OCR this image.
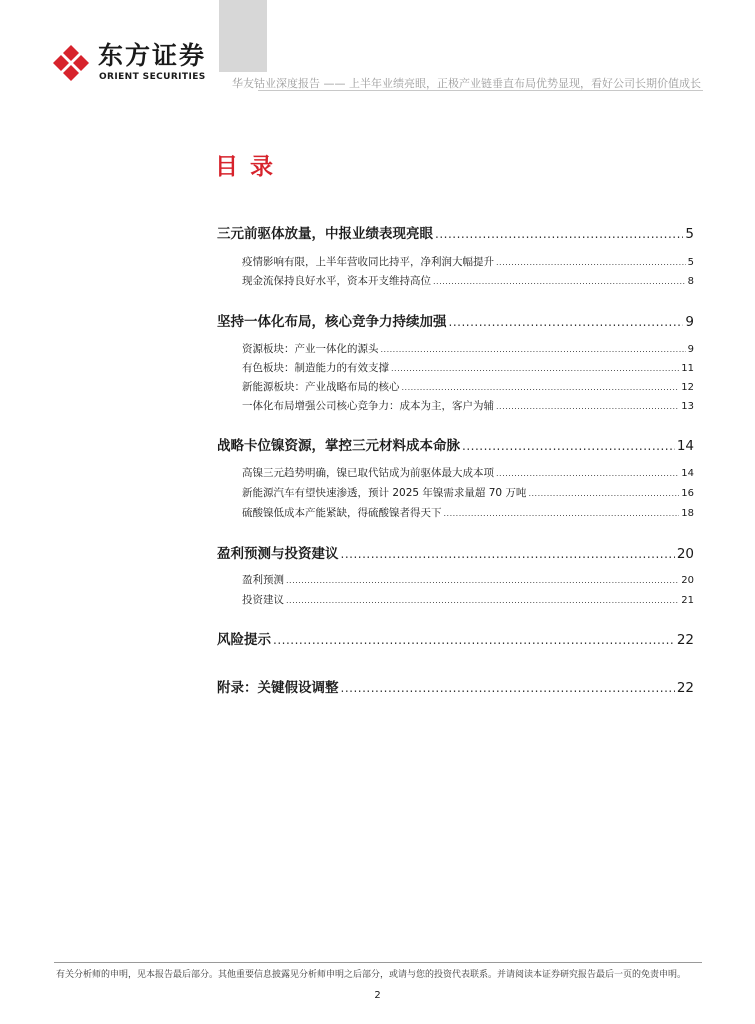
东方证券
ORIENT SECURITIES 华友钴业深度报告 —— 上半年业绩亮眼，正极产业链垂直布局优势显现，看好公司长期价值成长
目录
三元前驱体放量，中报业绩表现亮眼 .....	5
疫情影响有限，上半年营收同比持平，净利润大幅提升 .....	5
现金流保持良好水平，资本开支维持高位 .....	8
坚持一体化布局，核心竞争力持续加强 .....	9
资源板块：产业一体化的源头 .....	9
有色板块：制造能力的有效支撑 .....	11
新能源板块：产业战略布局的核心 .....	12
一体化布局增强公司核心竞争力：成本为主，客户为辅 .....	13
战略卡位镍资源，掌控三元材料成本命脉 .....	14
高镍三元趋势明确，镍已取代钴成为前驱体最大成本项 .....	14
新能源汽车有望快速渗透，预计 2025 年镍需求量超 70 万吨 .....	16
硫酸镍低成本产能紧缺，得硫酸镍者得天下 .....	18
盈利预测与投资建议 .....	20
盈利预测 .....	20
投资建议 .....	21
风险提示 .....	22
附录：关键假设调整 .....	22
有关分析师的申明，见本报告最后部分。其他重要信息披露见分析师申明之后部分，或请与您的投资代表联系。并请阅读本证券研究报告最后一页的免责申明。
2
